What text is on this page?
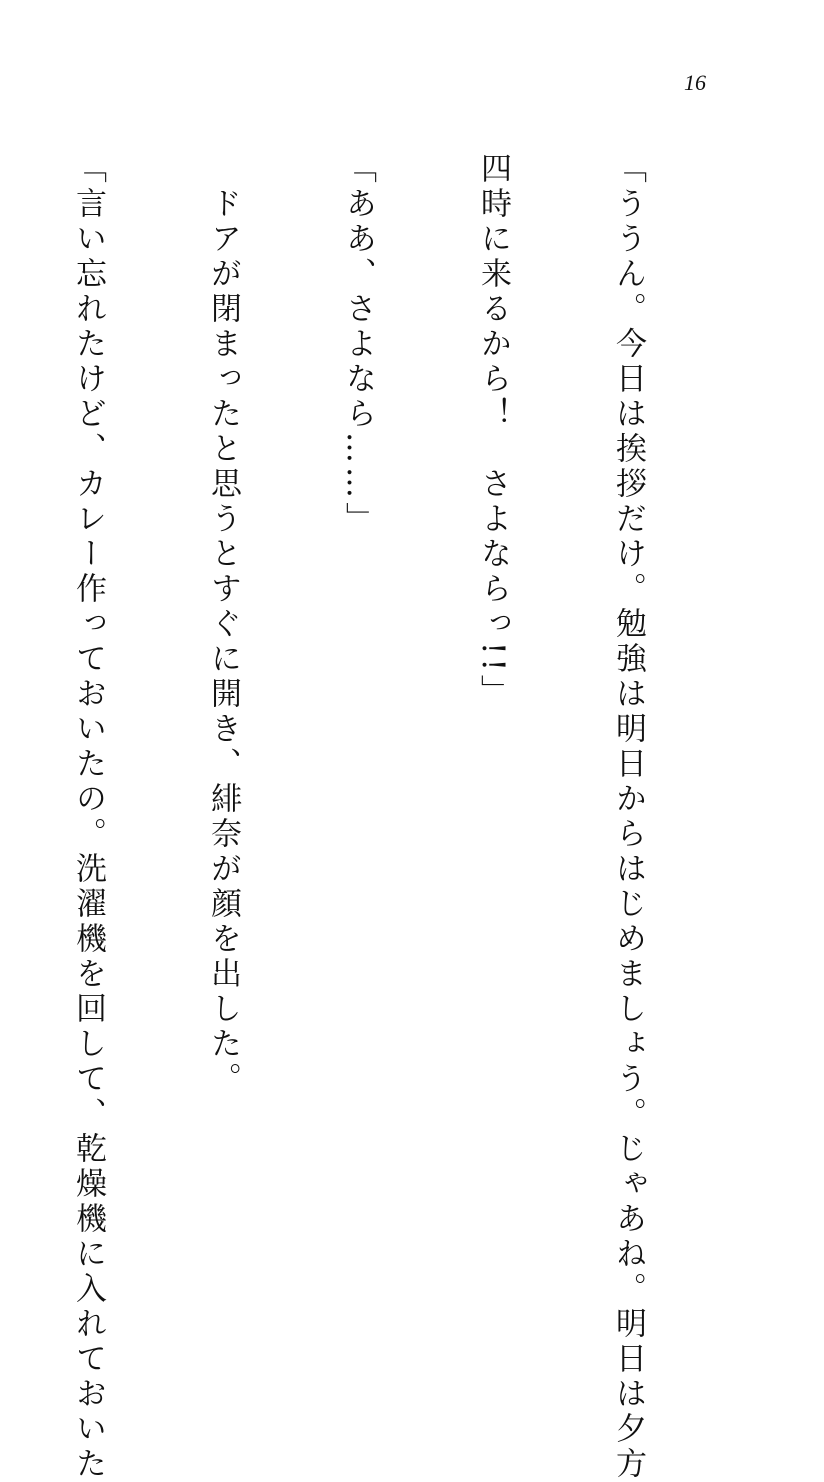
16

「ううん。今日は挨拶だけ。勉強は明日からはじめましょう。じゃあね。明日は夕方

四時に来るから！　さよならっ!!」

「ああ、さよなら……」

　ドアが閉まったと思うとすぐに開き、緋奈が顔を出した。

「言い忘れたけど、カレー作っておいたの。洗濯機を回して、乾燥機に入れておいた
